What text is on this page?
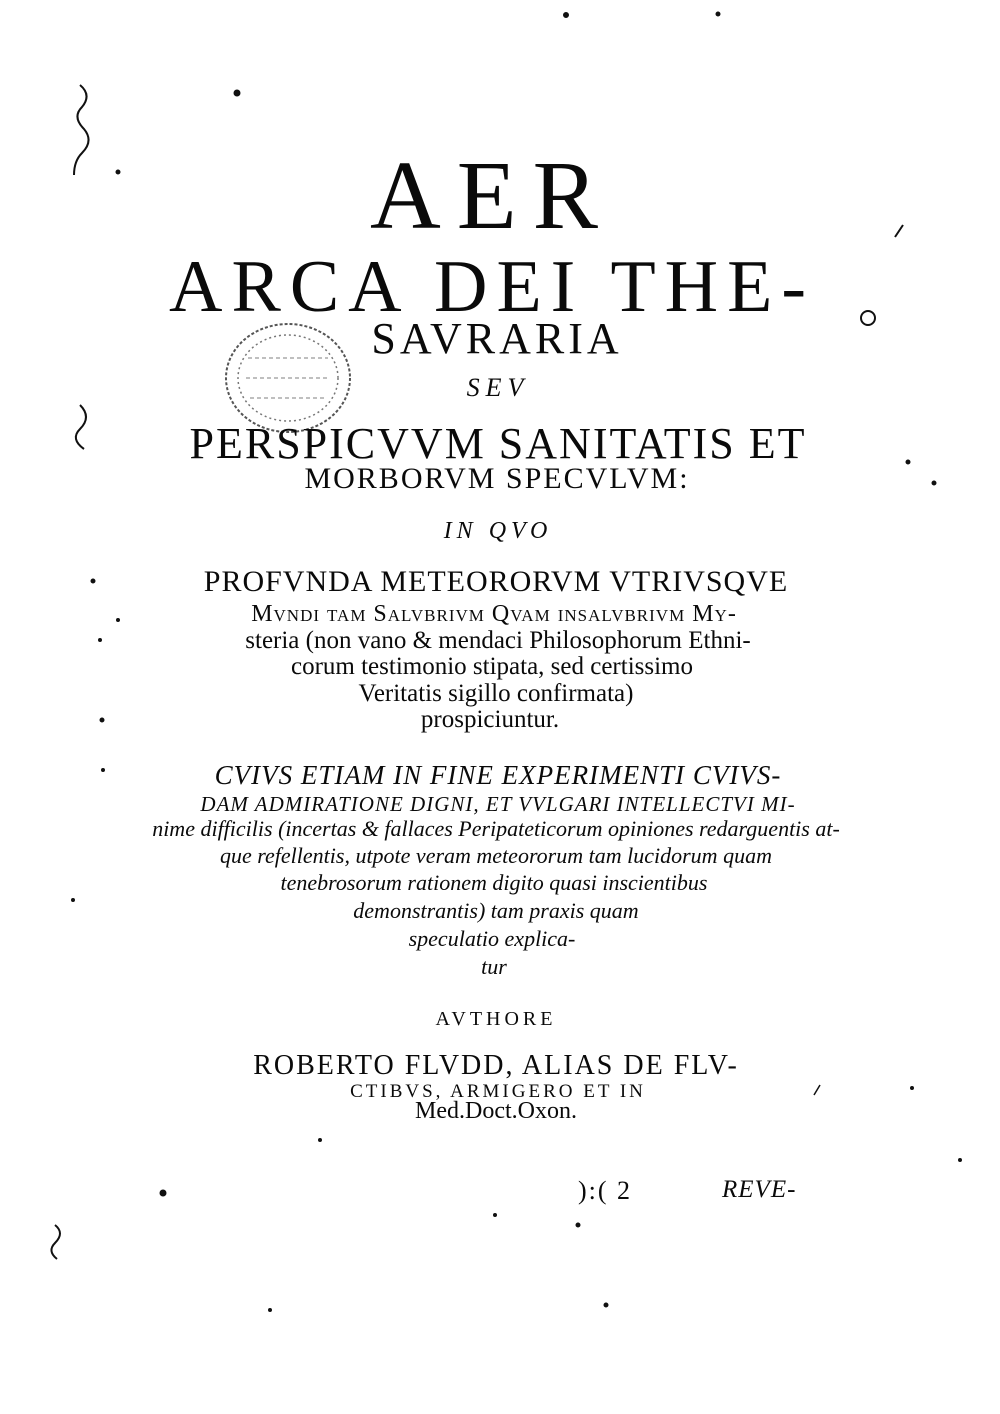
AER
ARCA DEI THE-
SAVRARIA
SEV
PERSPICVVM SANITATIS ET
MORBORVM SPECVLVM:
IN QVO
PROFVNDA METEORORVM VTRIVSQVE
Mvndi tam Salvbrivm Qvam insalvbrivm My-
steria (non vano & mendaci Philosophorum Ethni-
corum testimonio stipata, sed certissimo
Veritatis sigillo confirmata)
prospiciuntur.
CVIVS ETIAM IN FINE EXPERIMENTI CVIVS-
DAM ADMIRATIONE DIGNI, ET VVLGARI INTELLECTVI MI-
nime difficilis (incertas & fallaces Peripateticorum opiniones redarguentis at-
que refellentis, utpote veram meteororum tam lucidorum quam
tenebrosorum rationem digito quasi inscientibus
demonstrantis) tam praxis quam
speculatio explica-
tur
AVTHORE
ROBERTO FLVDD, ALIAS DE FLV-
CTIBVS, ARMIGERO ET IN
Med.Doct.Oxon.
):( 2	REVE-
